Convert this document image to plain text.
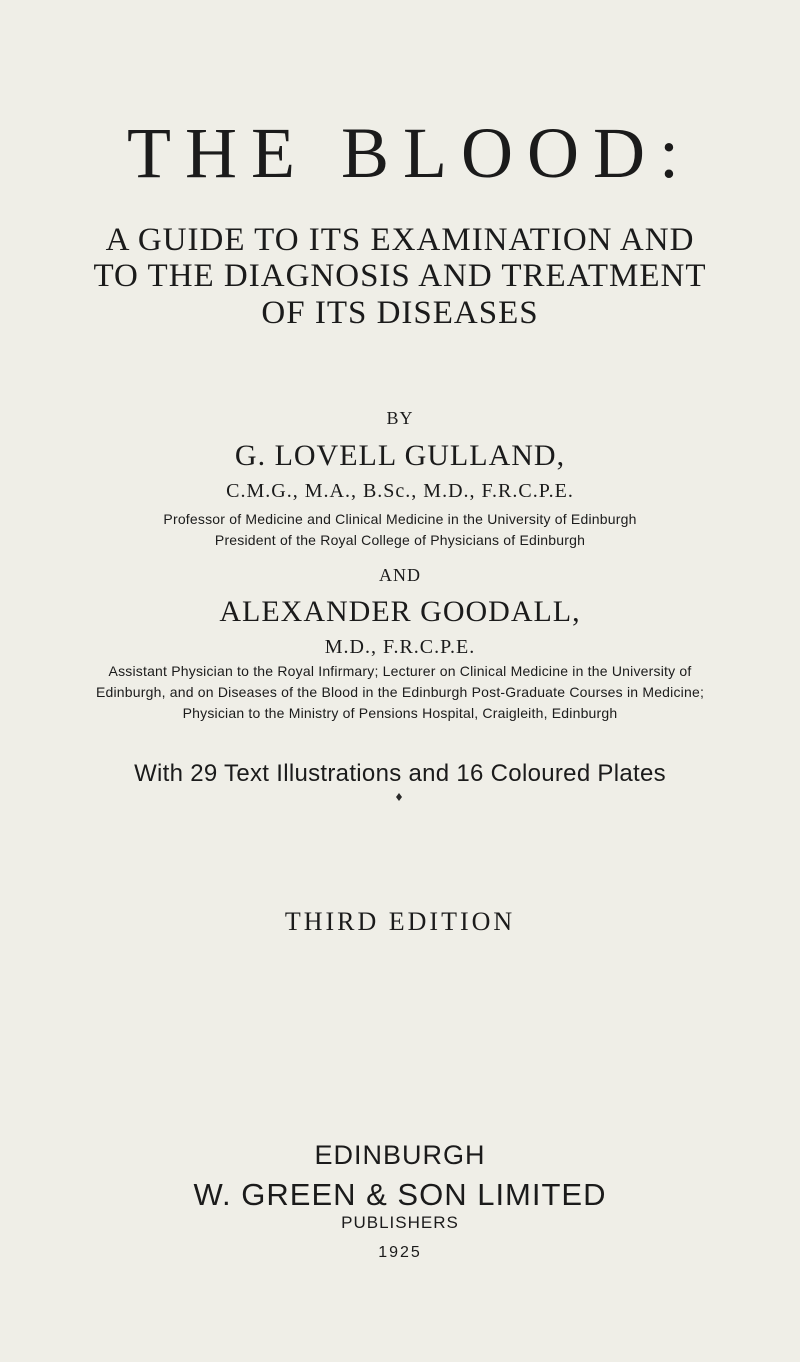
THE BLOOD:
A GUIDE TO ITS EXAMINATION AND
TO THE DIAGNOSIS AND TREATMENT
OF ITS DISEASES
BY
G. LOVELL GULLAND,
C.M.G., M.A., B.Sc., M.D., F.R.C.P.E.
Professor of Medicine and Clinical Medicine in the University of Edinburgh
President of the Royal College of Physicians of Edinburgh
AND
ALEXANDER GOODALL,
M.D., F.R.C.P.E.
Assistant Physician to the Royal Infirmary; Lecturer on Clinical Medicine in the University of
Edinburgh, and on Diseases of the Blood in the Edinburgh Post-Graduate Courses in Medicine;
Physician to the Ministry of Pensions Hospital, Craigleith, Edinburgh
With 29 Text Illustrations and 16 Coloured Plates
THIRD EDITION
EDINBURGH
W. GREEN & SON LIMITED
PUBLISHERS
1925
